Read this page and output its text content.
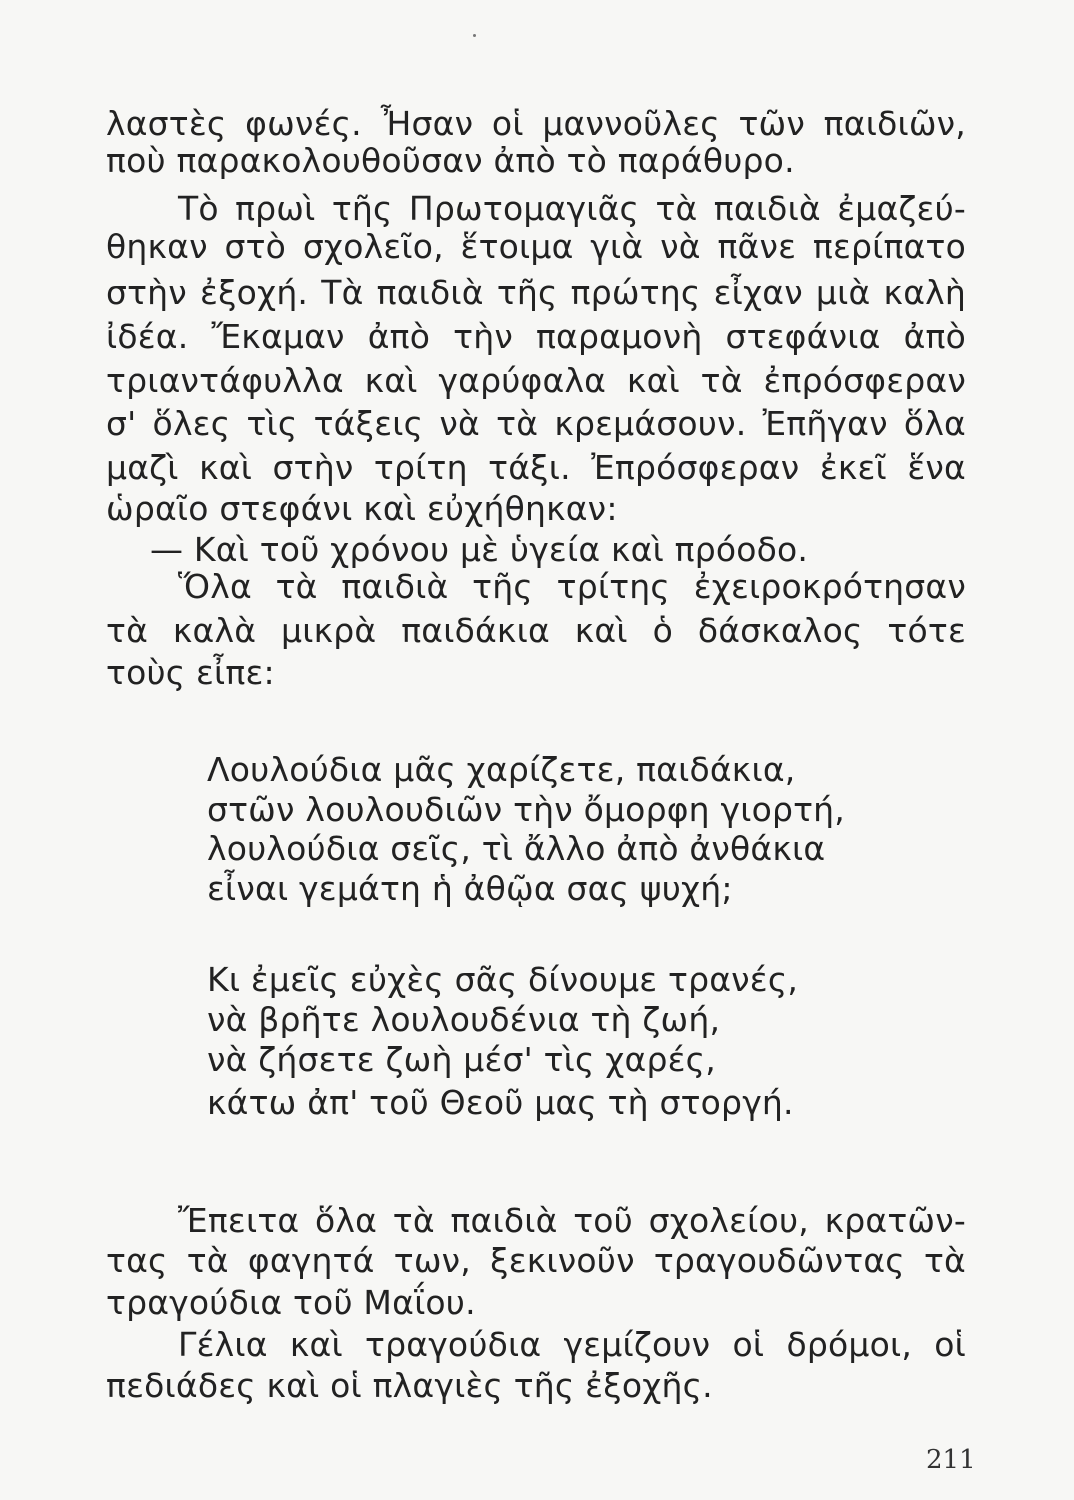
λαστὲς φωνές. Ἦσαν οἱ μαννοῦλες τῶν παιδιῶν,
ποὺ παρακολουθοῦσαν ἀπὸ τὸ παράθυρο.
Τὸ πρωὶ τῆς Πρωτομαγιᾶς τὰ παιδιὰ ἐμαζεύ-
θηκαν στὸ σχολεῖο, ἕτοιμα γιὰ νὰ πᾶνε περίπατο
στὴν ἐξοχή. Τὰ παιδιὰ τῆς πρώτης εἶχαν μιὰ καλὴ
ἰδέα. Ἔκαμαν ἀπὸ τὴν παραμονὴ στεφάνια ἀπὸ
τριαντάφυλλα καὶ γαρύφαλα καὶ τὰ ἐπρόσφεραν
σ' ὅλες τὶς τάξεις νὰ τὰ κρεμάσουν. Ἐπῆγαν ὅλα
μαζὶ καὶ στὴν τρίτη τάξι. Ἐπρόσφεραν ἐκεῖ ἕνα
ὡραῖο στεφάνι καὶ εὐχήθηκαν:
— Καὶ τοῦ χρόνου μὲ ὑγεία καὶ πρόοδο.
Ὅλα τὰ παιδιὰ τῆς τρίτης ἐχειροκρότησαν
τὰ καλὰ μικρὰ παιδάκια καὶ ὁ δάσκαλος τότε
τοὺς εἶπε:
Λουλούδια μᾶς χαρίζετε, παιδάκια,
στῶν λουλουδιῶν τὴν ὄμορφη γιορτή,
λουλούδια σεῖς, τὶ ἄλλο ἀπὸ ἀνθάκια
εἶναι γεμάτη ἡ ἀθῷα σας ψυχή;
Κι ἐμεῖς εὐχὲς σᾶς δίνουμε τρανές,
νὰ βρῆτε λουλουδένια τὴ ζωή,
νὰ ζήσετε ζωὴ μέσ' τὶς χαρές,
κάτω ἀπ' τοῦ Θεοῦ μας τὴ στοργή.
Ἔπειτα ὅλα τὰ παιδιὰ τοῦ σχολείου, κρατῶν-
τας τὰ φαγητά των, ξεκινοῦν τραγουδῶντας τὰ
τραγούδια τοῦ Μαΐου.
Γέλια καὶ τραγούδια γεμίζουν οἱ δρόμοι, οἱ
πεδιάδες καὶ οἱ πλαγιὲς τῆς ἐξοχῆς.
211
